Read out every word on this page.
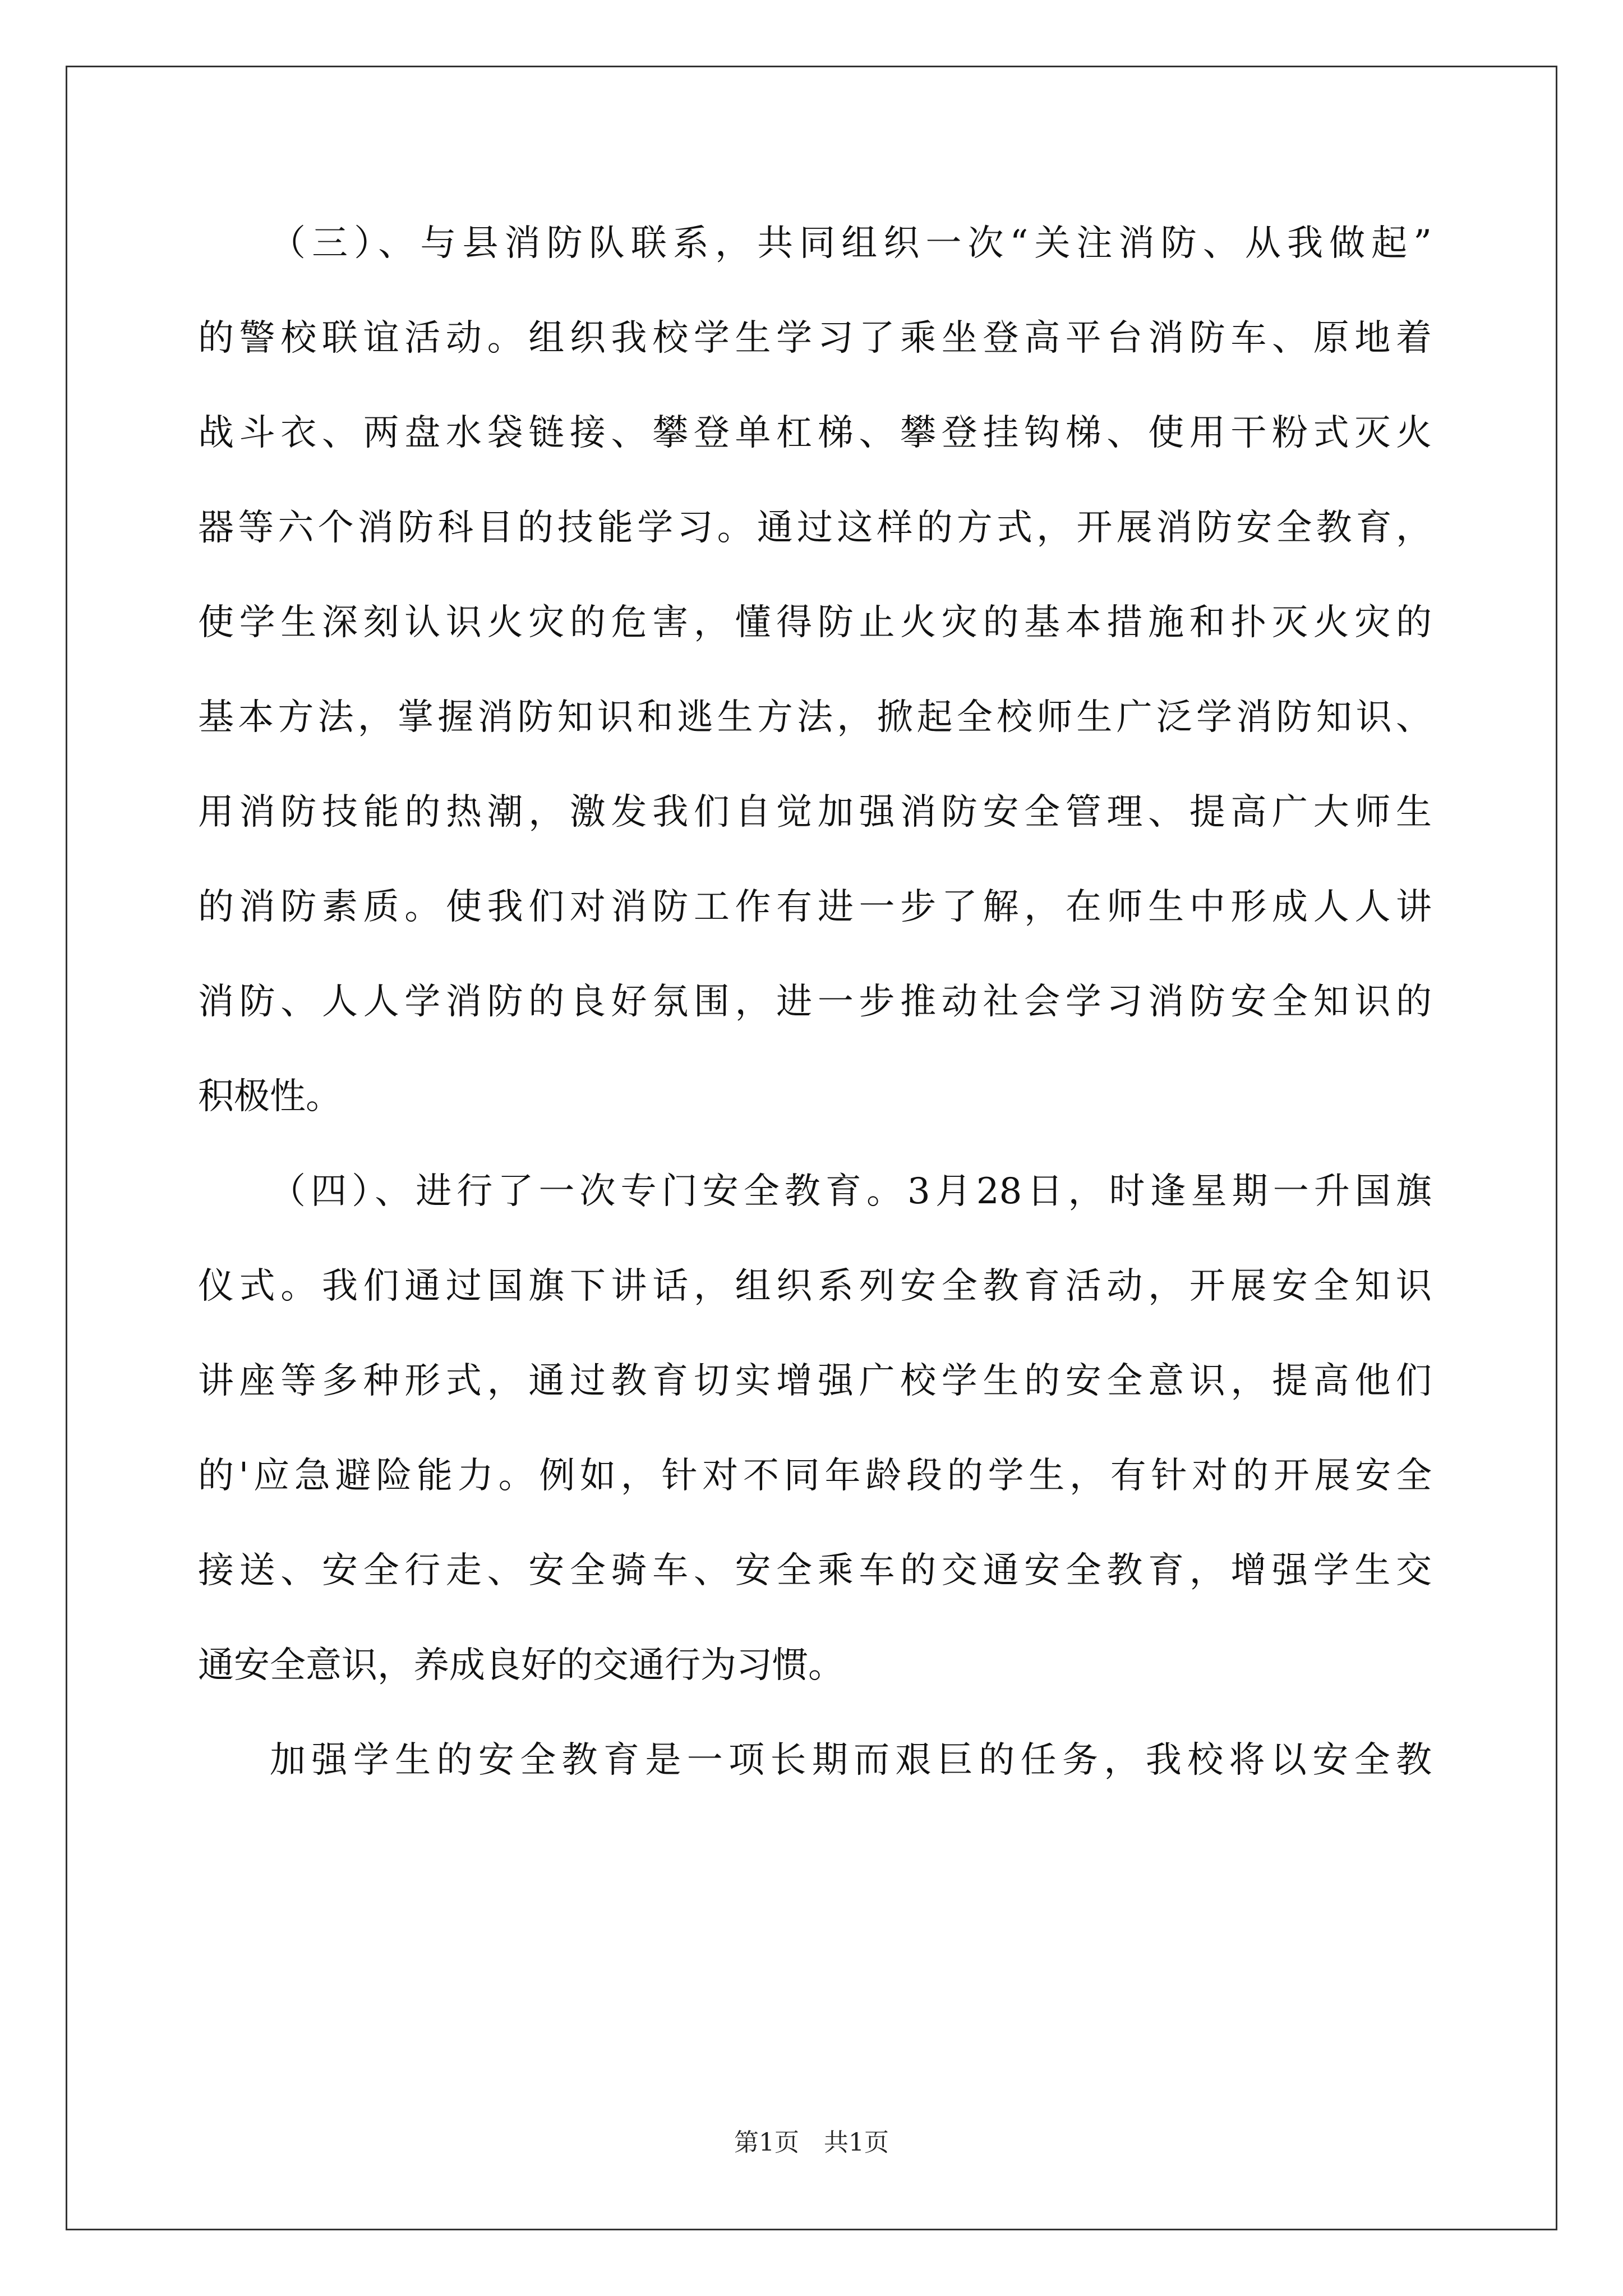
（三）、与县消防队联系，共同组织一次“关注消防、从我做起”
的警校联谊活动。组织我校学生学习了乘坐登高平台消防车、原地着
战斗衣、两盘水袋链接、攀登单杠梯、攀登挂钩梯、使用干粉式灭火
器等六个消防科目的技能学习。通过这样的方式，开展消防安全教育，
使学生深刻认识火灾的危害，懂得防止火灾的基本措施和扑灭火灾的
基本方法，掌握消防知识和逃生方法，掀起全校师生广泛学消防知识、
用消防技能的热潮，激发我们自觉加强消防安全管理、提高广大师生
的消防素质。使我们对消防工作有进一步了解，在师生中形成人人讲
消防、人人学消防的良好氛围，进一步推动社会学习消防安全知识的
积极性。
（四）、进行了一次专门安全教育。3月28日，时逢星期一升国旗
仪式。我们通过国旗下讲话，组织系列安全教育活动，开展安全知识
讲座等多种形式，通过教育切实增强广校学生的安全意识，提高他们
的'应急避险能力。例如，针对不同年龄段的学生，有针对的开展安全
接送、安全行走、安全骑车、安全乘车的交通安全教育，增强学生交
通安全意识，养成良好的交通行为习惯。
加强学生的安全教育是一项长期而艰巨的任务，我校将以安全教
第1页　共1页
